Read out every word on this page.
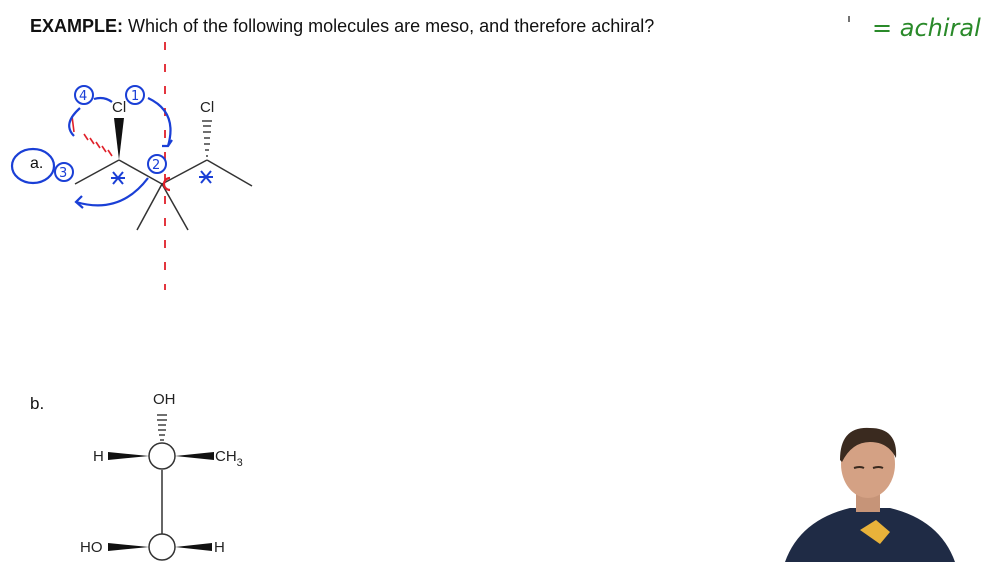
EXAMPLE: Which of the following molecules are meso, and therefore achiral?	= achiral
a.
b.
Cl	Cl
4	1
3
2
OH
H	$CH_3$
HO	H
